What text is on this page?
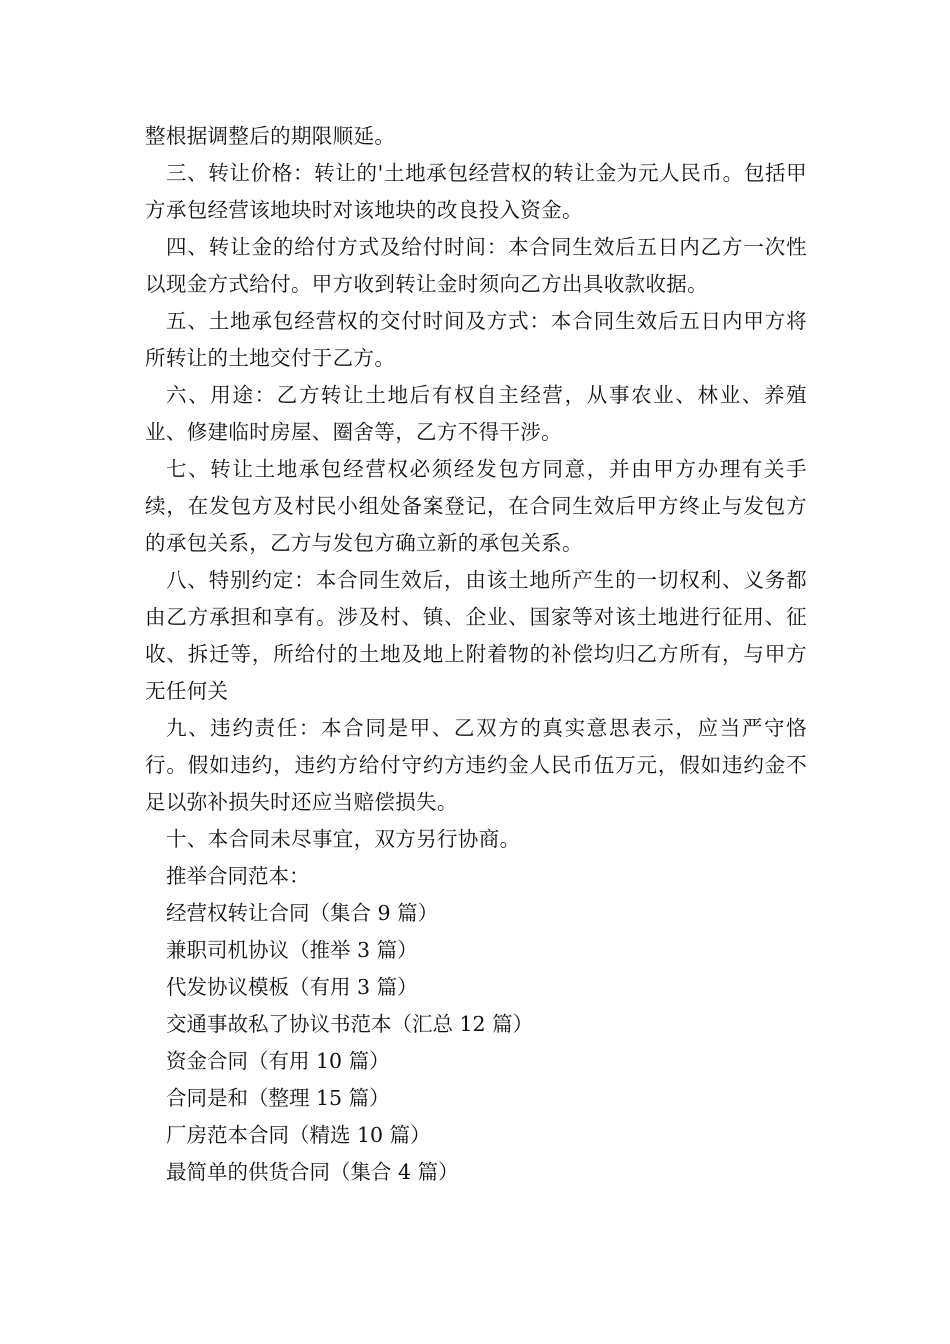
整根据调整后的期限顺延。

三、转让价格：转让的'土地承包经营权的转让金为元人民币。包括甲方承包经营该地块时对该地块的改良投入资金。

四、转让金的给付方式及给付时间：本合同生效后五日内乙方一次性以现金方式给付。甲方收到转让金时须向乙方出具收款收据。

五、土地承包经营权的交付时间及方式：本合同生效后五日内甲方将所转让的土地交付于乙方。

六、用途：乙方转让土地后有权自主经营，从事农业、林业、养殖业、修建临时房屋、圈舍等，乙方不得干涉。

七、转让土地承包经营权必须经发包方同意，并由甲方办理有关手续，在发包方及村民小组处备案登记，在合同生效后甲方终止与发包方的承包关系，乙方与发包方确立新的承包关系。

八、特别约定：本合同生效后，由该土地所产生的一切权利、义务都由乙方承担和享有。涉及村、镇、企业、国家等对该土地进行征用、征收、拆迁等，所给付的土地及地上附着物的补偿均归乙方所有，与甲方无任何关

九、违约责任：本合同是甲、乙双方的真实意思表示，应当严守恪行。假如违约，违约方给付守约方违约金人民币伍万元，假如违约金不足以弥补损失时还应当赔偿损失。

十、本合同未尽事宜，双方另行协商。

推举合同范本：

经营权转让合同（集合 9 篇）

兼职司机协议（推举 3 篇）

代发协议模板（有用 3 篇）

交通事故私了协议书范本（汇总 12 篇）

资金合同（有用 10 篇）

合同是和（整理 15 篇）

厂房范本合同（精选 10 篇）

最简单的供货合同（集合 4 篇）
